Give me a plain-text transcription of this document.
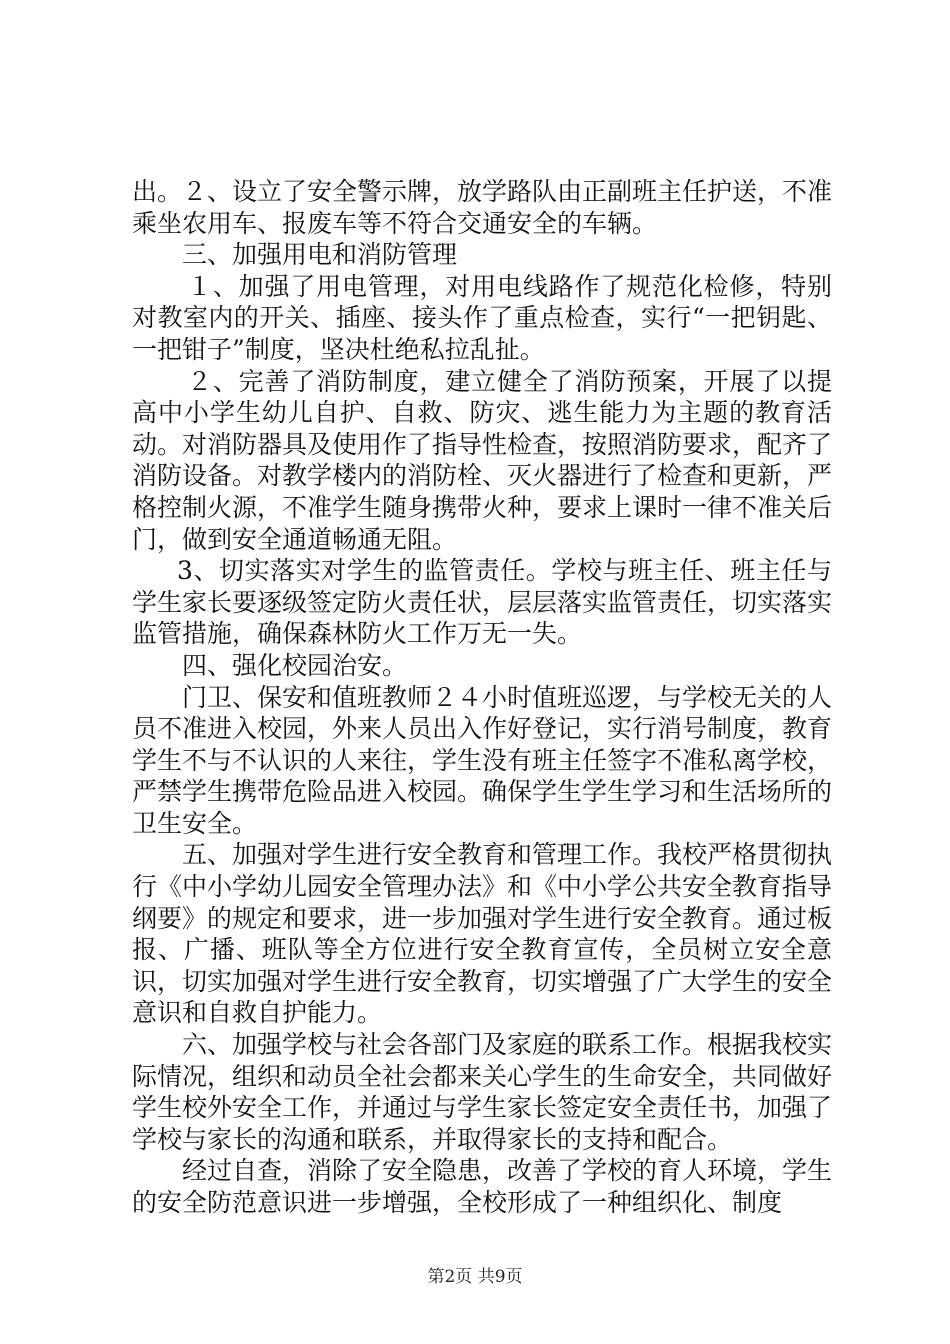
出。２、设立了安全警示牌，放学路队由正副班主任护送，不准乘坐农用车、报废车等不符合交通安全的车辆。

三、加强用电和消防管理

１、加强了用电管理，对用电线路作了规范化检修，特别对教室内的开关、插座、接头作了重点检查，实行“一把钥匙、一把钳子”制度，坚决杜绝私拉乱扯。

２、完善了消防制度，建立健全了消防预案，开展了以提高中小学生幼儿自护、自救、防灾、逃生能力为主题的教育活动。对消防器具及使用作了指导性检查，按照消防要求，配齐了消防设备。对教学楼内的消防栓、灭火器进行了检查和更新，严格控制火源，不准学生随身携带火种，要求上课时一律不准关后门，做到安全通道畅通无阻。

3、切实落实对学生的监管责任。学校与班主任、班主任与学生家长要逐级签定防火责任状，层层落实监管责任，切实落实监管措施，确保森林防火工作万无一失。

四、强化校园治安。

门卫、保安和值班教师２４小时值班巡逻，与学校无关的人员不准进入校园，外来人员出入作好登记，实行消号制度，教育学生不与不认识的人来往，学生没有班主任签字不准私离学校，严禁学生携带危险品进入校园。确保学生学生学习和生活场所的卫生安全。

五、加强对学生进行安全教育和管理工作。我校严格贯彻执行《中小学幼儿园安全管理办法》和《中小学公共安全教育指导纲要》的规定和要求，进一步加强对学生进行安全教育。通过板报、广播、班队等全方位进行安全教育宣传，全员树立安全意识，切实加强对学生进行安全教育，切实增强了广大学生的安全意识和自救自护能力。

六、加强学校与社会各部门及家庭的联系工作。根据我校实际情况，组织和动员全社会都来关心学生的生命安全，共同做好学生校外安全工作，并通过与学生家长签定安全责任书，加强了学校与家长的沟通和联系，并取得家长的支持和配合。

经过自查，消除了安全隐患，改善了学校的育人环境，学生的安全防范意识进一步增强，全校形成了一种组织化、制度

第2页 共9页
